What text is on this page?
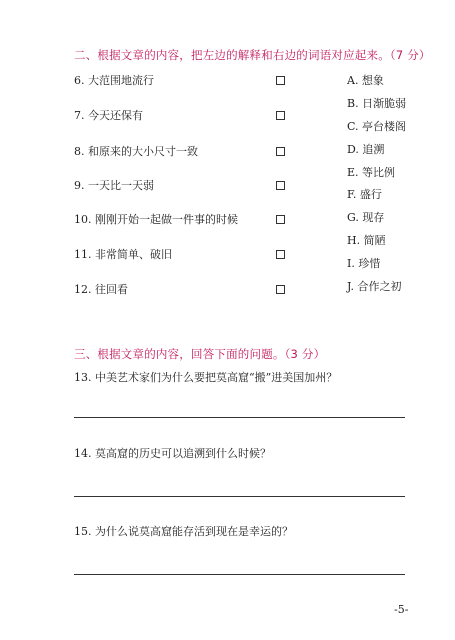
二、根据文章的内容，把左边的解释和右边的词语对应起来。（7 分）
6. 大范围地流行
7. 今天还保有
8. 和原来的大小尺寸一致
9. 一天比一天弱
10. 刚刚开始一起做一件事的时候
11. 非常简单、破旧
12. 往回看
A. 想象
B. 日渐脆弱
C. 亭台楼阁
D. 追溯
E. 等比例
F. 盛行
G. 现存
H. 简陋
I. 珍惜
J. 合作之初
三、根据文章的内容，回答下面的问题。（3 分）
13. 中美艺术家们为什么要把莫高窟“搬”进美国加州？
14. 莫高窟的历史可以追溯到什么时候？
15. 为什么说莫高窟能存活到现在是幸运的？
-5-
